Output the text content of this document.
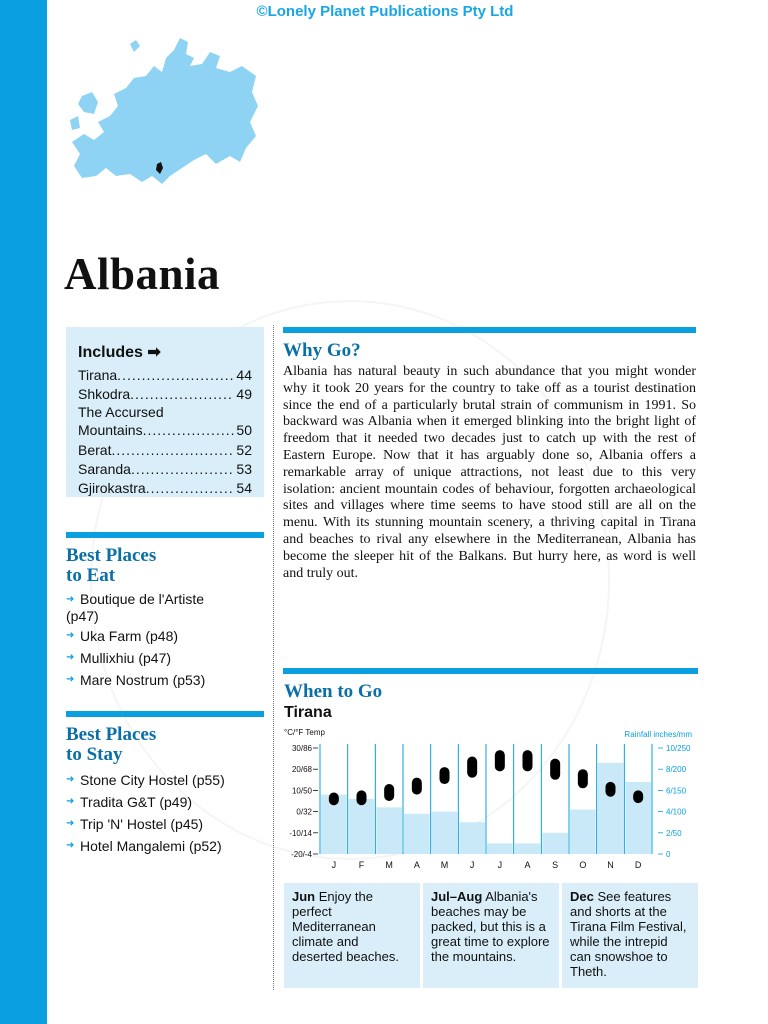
©Lonely Planet Publications Pty Ltd
Albania
Includes ➡
Tirana .....	44
Shkodra .....	49
The Accursed
Mountains .....	50
Berat .....	52
Saranda .....	53
Gjirokastra .....	54
Best Places
to Eat
➜ Boutique de l'Artiste
(p47)
➜ Uka Farm (p48)
➜ Mullixhiu (p47)
➜ Mare Nostrum (p53)
Best Places
to Stay
➜ Stone City Hostel (p55)
➜ Tradita G&T (p49)
➜ Trip 'N' Hostel (p45)
➜ Hotel Mangalemi (p52)
Why Go?

Albania has natural beauty in such abundance that you might wonder why it took 20 years for the country to take off as a tourist destination since the end of a particularly brutal strain of communism in 1991. So backward was Albania when it emerged blinking into the bright light of freedom that it needed two decades just to catch up with the rest of Eastern Europe. Now that it has arguably done so, Albania offers a remarkable array of unique attractions, not least due to this very isolation: ancient mountain codes of behaviour, forgotten archaeological sites and villages where time seems to have stood still are all on the menu. With its stunning mountain scenery, a thriving capital in Tirana and beaches to rival any elsewhere in the Mediterranean, Albania has become the sleeper hit of the Balkans. But hurry here, as word is well and truly out.

When to Go
Tirana
°C/°F Temp	Rainfall inches/mm
30/86
20/68
10/50
0/32
-10/14
-20/-4
10/250
8/200
6/150
4/100
2/50
0
J	F M A M J	J A S O N D
Jun Enjoy the perfect Mediterranean climate and deserted beaches.
Jul–Aug Albania's beaches may be packed, but this is a great time to explore the mountains.
Dec See features and shorts at the Tirana Film Festival, while the intrepid can snowshoe to Theth.
